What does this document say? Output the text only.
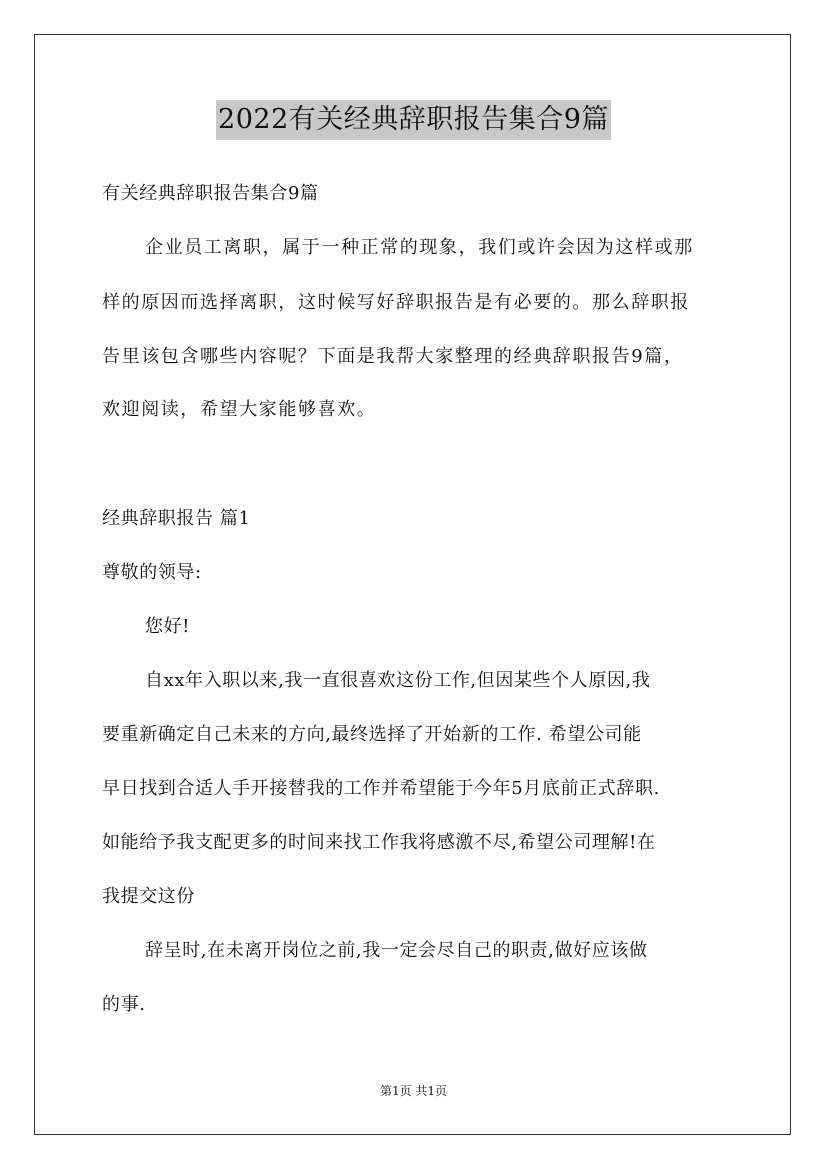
2022有关经典辞职报告集合9篇
有关经典辞职报告集合9篇
企业员工离职，属于一种正常的现象，我们或许会因为这样或那
样的原因而选择离职，这时候写好辞职报告是有必要的。那么辞职报
告里该包含哪些内容呢？下面是我帮大家整理的经典辞职报告9篇，
欢迎阅读，希望大家能够喜欢。
经典辞职报告 篇1
尊敬的领导:
您好!
自xx年入职以来,我一直很喜欢这份工作,但因某些个人原因,我
要重新确定自己未来的方向,最终选择了开始新的工作. 希望公司能
早日找到合适人手开接替我的工作并希望能于今年5月底前正式辞职.
如能给予我支配更多的时间来找工作我将感激不尽,希望公司理解!在
我提交这份
辞呈时,在未离开岗位之前,我一定会尽自己的职责,做好应该做
的事.
第1页 共1页
